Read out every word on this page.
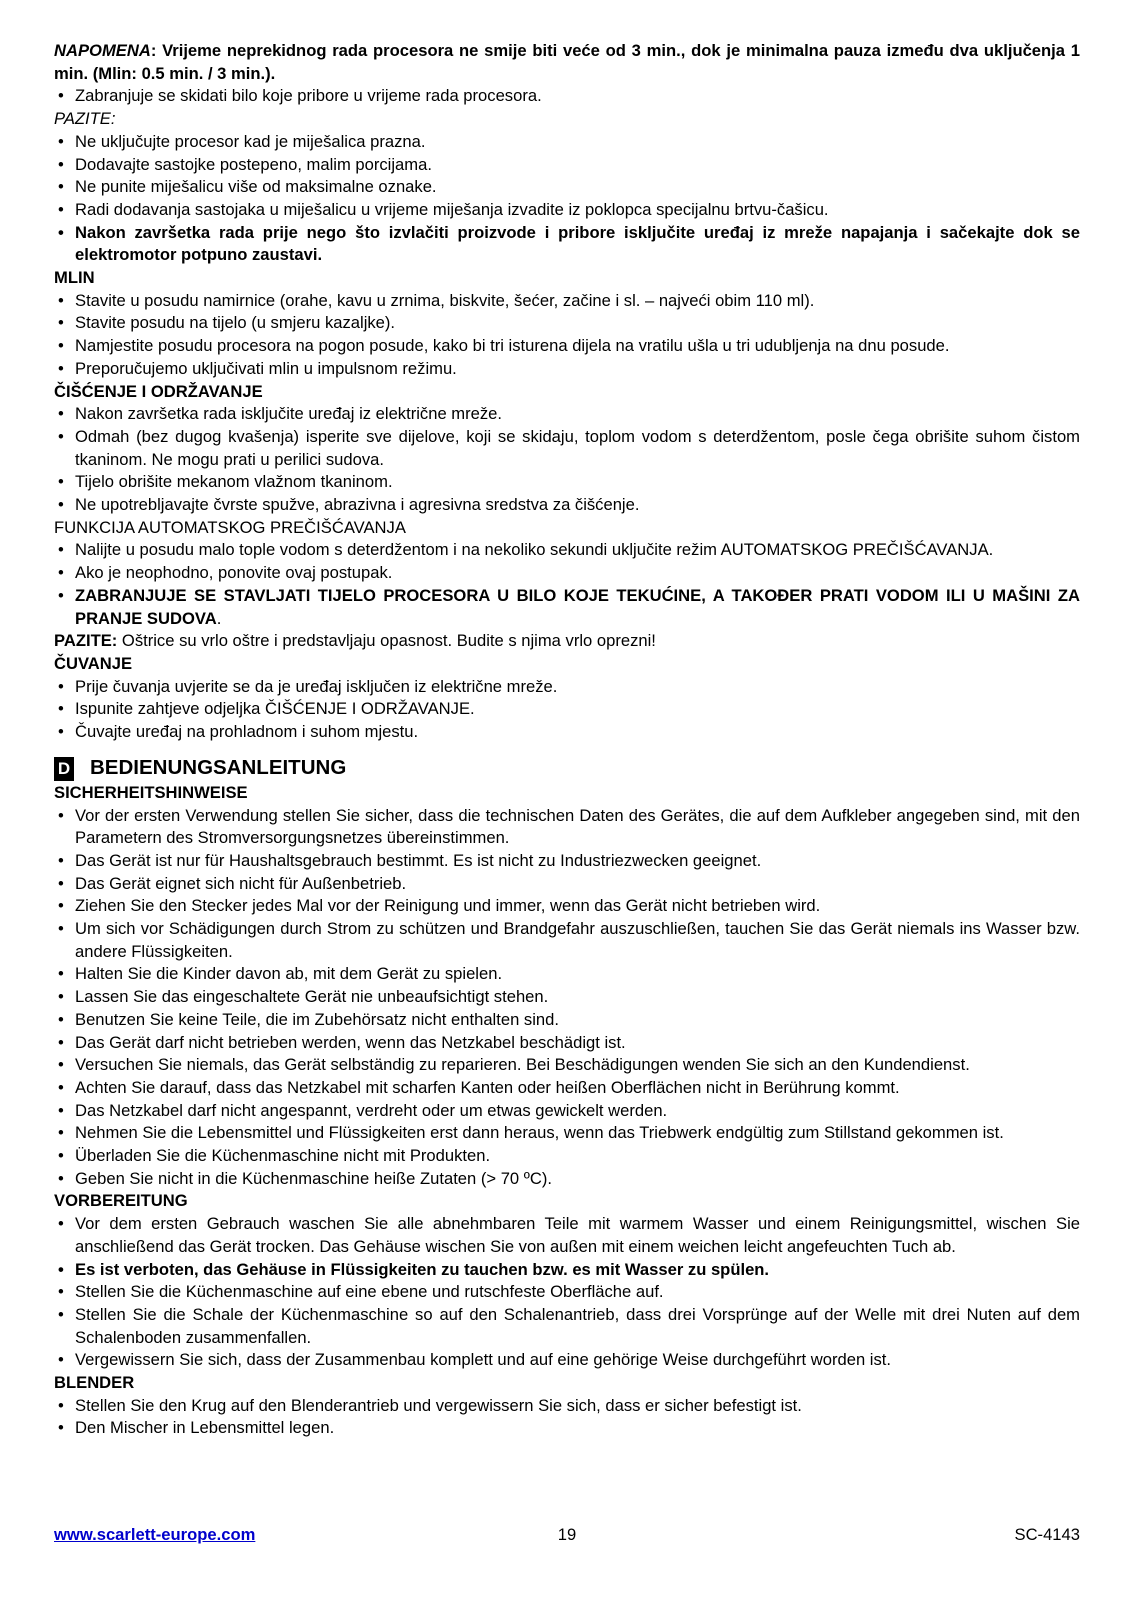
NAPOMENA: Vrijeme neprekidnog rada procesora ne smije biti veće od 3 min., dok je minimalna pauza između dva uključenja 1 min. (Mlin: 0.5 min. / 3 min.).

• Zabranjuje se skidati bilo koje pribore u vrijeme rada procesora.

PAZITE:

• Ne uključujte procesor kad je miješalica prazna.
• Dodavajte sastojke postepeno, malim porcijama.
• Ne punite miješalicu više od maksimalne oznake.
• Radi dodavanja sastojaka u miješalicu u vrijeme miješanja izvadite iz poklopca specijalnu brtvu-čašicu.
• Nakon završetka rada prije nego što izvlačiti proizvode i pribore isključite uređaj iz mreže napajanja i sačekajte dok se elektromotor potpuno zaustavi.

MLIN

• Stavite u posudu namirnice (orahe, kavu u zrnima, biskvite, šećer, začine i sl. – najveći obim 110 ml).
• Stavite posudu na tijelo (u smjeru kazaljke).
• Namjestite posudu procesora na pogon posude, kako bi tri isturena dijela na vratilu ušla u tri udubljenja na dnu posude.
• Preporučujemo uključivati mlin u impulsnom režimu.

ČIŠĆENJE I ODRŽAVANJE

• Nakon završetka rada isključite uređaj iz električne mreže.
• Odmah (bez dugog kvašenja) isperite sve dijelove, koji se skidaju, toplom vodom s deterdžentom, posle čega obrišite suhom čistom tkaninom. Ne mogu prati u perilici sudova.
• Tijelo obrišite mekanom vlažnom tkaninom.
• Ne upotrebljavajte čvrste spužve, abrazivna i agresivna sredstva za čišćenje.

FUNKCIJA AUTOMATSKOG PREČIŠĆAVANJA

• Nalijte u posudu malo tople vodom s deterdžentom i na nekoliko sekundi uključite režim AUTOMATSKOG PREČIŠĆAVANJA.
• Ako je neophodno, ponovite ovaj postupak.
• ZABRANJUJE SE STAVLJATI TIJELO PROCESORA U BILO KOJE TEKUĆINE, A TAKOĐER PRATI VODOM ILI U MAŠINI ZA PRANJE SUDOVA.

PAZITE: Oštrice su vrlo oštre i predstavljaju opasnost. Budite s njima vrlo oprezni!

ČUVANJE

• Prije čuvanja uvjerite se da je uređaj isključen iz električne mreže.
• Ispunite zahtjeve odjeljka ČIŠĆENJE I ODRŽAVANJE.
• Čuvajte uređaj na prohladnom i suhom mjestu.
D BEDIENUNGSANLEITUNG

SICHERHEITSHINWEISE

• Vor der ersten Verwendung stellen Sie sicher, dass die technischen Daten des Gerätes, die auf dem Aufkleber angegeben sind, mit den Parametern des Stromversorgungsnetzes übereinstimmen.
• Das Gerät ist nur für Haushaltsgebrauch bestimmt. Es ist nicht zu Industriezwecken geeignet.
• Das Gerät eignet sich nicht für Außenbetrieb.
• Ziehen Sie den Stecker jedes Mal vor der Reinigung und immer, wenn das Gerät nicht betrieben wird.
• Um sich vor Schädigungen durch Strom zu schützen und Brandgefahr auszuschließen, tauchen Sie das Gerät niemals ins Wasser bzw. andere Flüssigkeiten.
• Halten Sie die Kinder davon ab, mit dem Gerät zu spielen.
• Lassen Sie das eingeschaltete Gerät nie unbeaufsichtigt stehen.
• Benutzen Sie keine Teile, die im Zubehörsatz nicht enthalten sind.
• Das Gerät darf nicht betrieben werden, wenn das Netzkabel beschädigt ist.
• Versuchen Sie niemals, das Gerät selbständig zu reparieren. Bei Beschädigungen wenden Sie sich an den Kundendienst.
• Achten Sie darauf, dass das Netzkabel mit scharfen Kanten oder heißen Oberflächen nicht in Berührung kommt.
• Das Netzkabel darf nicht angespannt, verdreht oder um etwas gewickelt werden.
• Nehmen Sie die Lebensmittel und Flüssigkeiten erst dann heraus, wenn das Triebwerk endgültig zum Stillstand gekommen ist.
• Überladen Sie die Küchenmaschine nicht mit Produkten.
• Geben Sie nicht in die Küchenmaschine heiße Zutaten (> 70 ºC).

VORBEREITUNG

• Vor dem ersten Gebrauch waschen Sie alle abnehmbaren Teile mit warmem Wasser und einem Reinigungsmittel, wischen Sie anschließend das Gerät trocken. Das Gehäuse wischen Sie von außen mit einem weichen leicht angefeuchten Tuch ab.
• Es ist verboten, das Gehäuse in Flüssigkeiten zu tauchen bzw. es mit Wasser zu spülen.
• Stellen Sie die Küchenmaschine auf eine ebene und rutschfeste Oberfläche auf.
• Stellen Sie die Schale der Küchenmaschine so auf den Schalenantrieb, dass drei Vorsprünge auf der Welle mit drei Nuten auf dem Schalenboden zusammenfallen.
• Vergewissern Sie sich, dass der Zusammenbau komplett und auf eine gehörige Weise durchgeführt worden ist.

BLENDER

• Stellen Sie den Krug auf den Blenderantrieb und vergewissern Sie sich, dass er sicher befestigt ist.
• Den Mischer in Lebensmittel legen.
www.scarlett-europe.com	19	SC-4143
